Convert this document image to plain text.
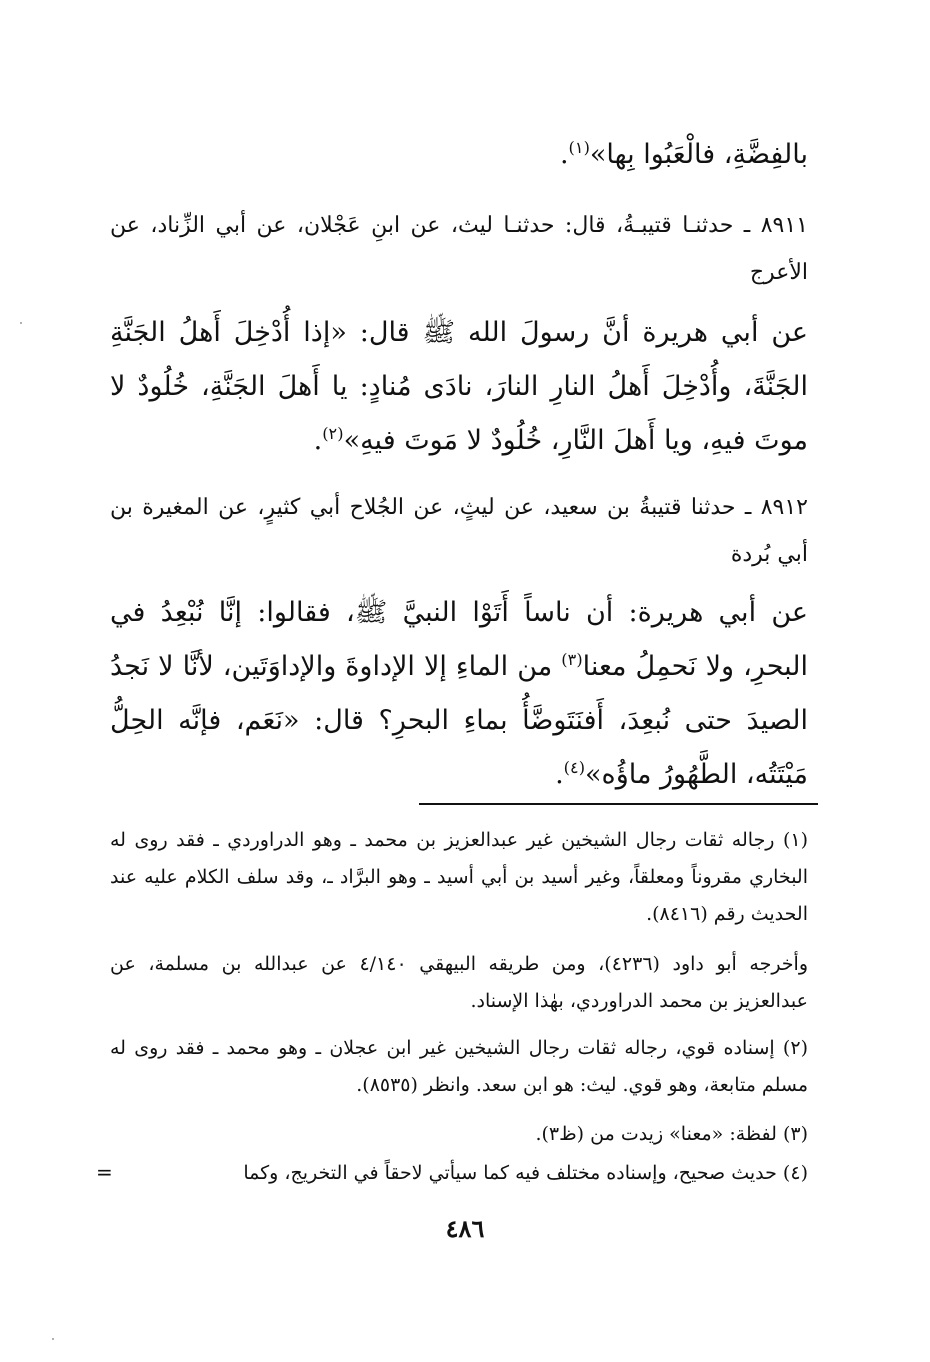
بالفِضَّةِ، فالْعَبُوا بِها»$^{(١)}$.
٨٩١١ ـ حدثنـا قتيبـةُ، قال: حدثنـا ليث، عن ابنِ عَجْلان، عن أبي الزِّناد، عن الأعرج
عن أبي هريرة أنَّ رسولَ الله ﷺ قال: «إذا أُدْخِلَ أَهلُ الجَنَّةِ الجَنَّةَ، وأُدْخِلَ أَهلُ النارِ النارَ، نادَى مُنادٍ: يا أَهلَ الجَنَّةِ، خُلُودٌ لا موتَ فيهِ، ويا أَهلَ النَّارِ، خُلُودٌ لا مَوتَ فيهِ»$^{(٢)}$.
٨٩١٢ ـ حدثنا قتيبةُ بن سعيد، عن ليثٍ، عن الجُلاح أبي كثيرٍ، عن المغيرة بن أبي بُردة
عن أبي هريرة: أن ناساً أَتَوْا النبيَّ ﷺ، فقالوا: إنَّا نُبْعِدُ في البحرِ، ولا نَحمِلُ معنا$^{(٣)}$ من الماءِ إلا الإداوةَ والإداوَتَين، لأنَّا لا نَجدُ الصيدَ حتى نُبعِدَ، أَفنَتَوضَّأُ بماءِ البحرِ؟ قال: «نَعَم، فإنَّه الحِلُّ مَيْتَتُه، الطَّهُورُ ماؤُه»$^{(٤)}$.
(١) رجاله ثقات رجال الشيخين غير عبدالعزيز بن محمد ـ وهو الدراوردي ـ فقد روى له البخاري مقروناً ومعلقاً، وغير أسيد بن أبي أسيد ـ وهو البرَّاد ـ، وقد سلف الكلام عليه عند الحديث رقم (٨٤١٦).
وأخرجه أبو داود (٤٢٣٦)، ومن طريقه البيهقي ٤/١٤٠ عن عبدالله بن مسلمة، عن عبدالعزيز بن محمد الدراوردي، بهٰذا الإسناد.
(٢) إسناده قوي، رجاله ثقات رجال الشيخين غير ابن عجلان ـ وهو محمد ـ فقد روى له مسلم متابعة، وهو قوي. ليث: هو ابن سعد. وانظر (٨٥٣٥).
(٣) لفظة: «معنا» زيدت من (ظ٣).
(٤) حديث صحيح، وإسناده مختلف فيه كما سيأتي لاحقاً في التخريج، وكما
=
٤٨٦
